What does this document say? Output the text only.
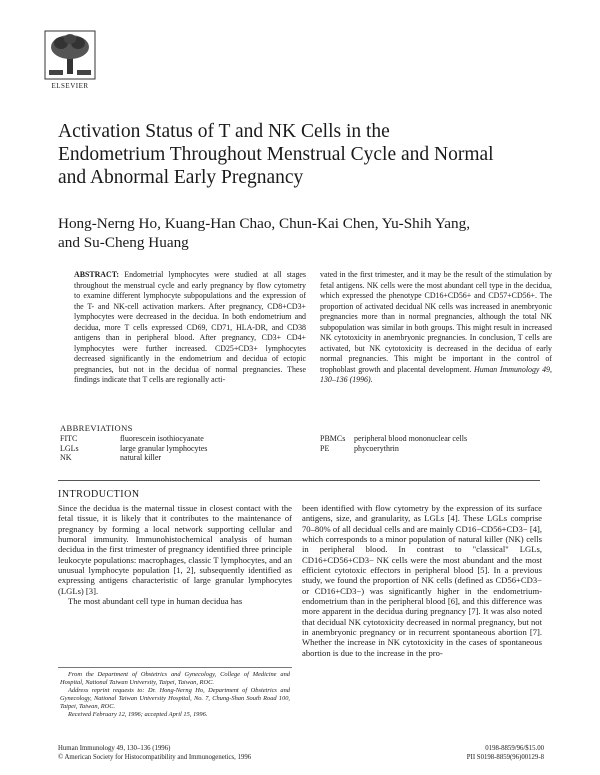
ELSEVIER
Activation Status of T and NK Cells in the Endometrium Throughout Menstrual Cycle and Normal and Abnormal Early Pregnancy
Hong-Nerng Ho, Kuang-Han Chao, Chun-Kai Chen, Yu-Shih Yang, and Su-Cheng Huang
ABSTRACT: Endometrial lymphocytes were studied at all stages throughout the menstrual cycle and early pregnancy by flow cytometry to examine different lymphocyte subpopulations and the expression of the T- and NK-cell activation markers. After pregnancy, CD8+CD3+ lymphocytes were decreased in the decidua. In both endometrium and decidua, more T cells expressed CD69, CD71, HLA-DR, and CD38 antigens than in peripheral blood. After pregnancy, CD3+ CD4+ lymphocytes were further increased. CD25+CD3+ lymphocytes decreased significantly in the endometrium and decidua of ectopic pregnancies, but not in the decidua of normal pregnancies. These findings indicate that T cells are regionally acti-
vated in the first trimester, and it may be the result of the stimulation by fetal antigens. NK cells were the most abundant cell type in the decidua, which expressed the phenotype CD16+CD56+ and CD57+CD56+. The proportion of activated decidual NK cells was increased in anembryonic pregnancies more than in normal pregnancies, although the total NK subpopulation was similar in both groups. This might result in increased NK cytotoxicity in anembryonic pregnancies. In conclusion, T cells are activated, but NK cytotoxicity is decreased in the decidua of early normal pregnancies. This might be important in the control of trophoblast growth and placental development. Human Immunology 49, 130–136 (1996).
ABBREVIATIONS
FITC	fluorescein isothiocyanate
LGLs	large granular lymphocytes
NK	natural killer
PBMCs	peripheral blood mononuclear cells
PE	phycoerythrin
INTRODUCTION

Since the decidua is the maternal tissue in closest contact with the fetal tissue, it is likely that it contributes to the maintenance of pregnancy by forming a local network supporting cellular and humoral immunity. Immunohistochemical analysis of human decidua in the first trimester of pregnancy identified three principle leukocyte populations: macrophages, classic T lymphocytes, and an unusual lymphocyte population [1, 2], subsequently identified as expressing antigens characteristic of large granular lymphocytes (LGLs) [3].

The most abundant cell type in human decidua has

been identified with flow cytometry by the expression of its surface antigens, size, and granularity, as LGLs [4]. These LGLs comprise 70–80% of all decidual cells and are mainly CD16−CD56+CD3− [4], which corresponds to a minor population of natural killer (NK) cells in peripheral blood. In contrast to "classical" LGLs, CD16+CD56+CD3− NK cells were the most abundant and the most efficient cytotoxic effectors in peripheral blood [5]. In a previous study, we found the proportion of NK cells (defined as CD56+CD3− or CD16+CD3−) was significantly higher in the endometrium-endometrium than in the peripheral blood [6], and this difference was more apparent in the decidua during pregnancy [7]. It was also noted that decidual NK cytotoxicity decreased in normal pregnancy, but not in anembryonic pregnancy or in recurrent spontaneous abortion [7]. Whether the increase in NK cytotoxicity in the cases of spontaneous abortion is due to the increase in the pro-

From the Department of Obstetrics and Gynecology, College of Medicine and Hospital, National Taiwan University, Taipei, Taiwan, ROC.

Address reprint requests to: Dr. Hong-Nerng Ho, Department of Obstetrics and Gynecology, National Taiwan University Hospital, No. 7, Chung-Shan South Road 100, Taipei, Taiwan, ROC.

Received February 12, 1996; accepted April 15, 1996.

Human Immunology 49, 130–136 (1996)
© American Society for Histocompatibility and Immunogenetics, 1996
0198-8859/96/$15.00
PII S0198-8859(96)00129-8
